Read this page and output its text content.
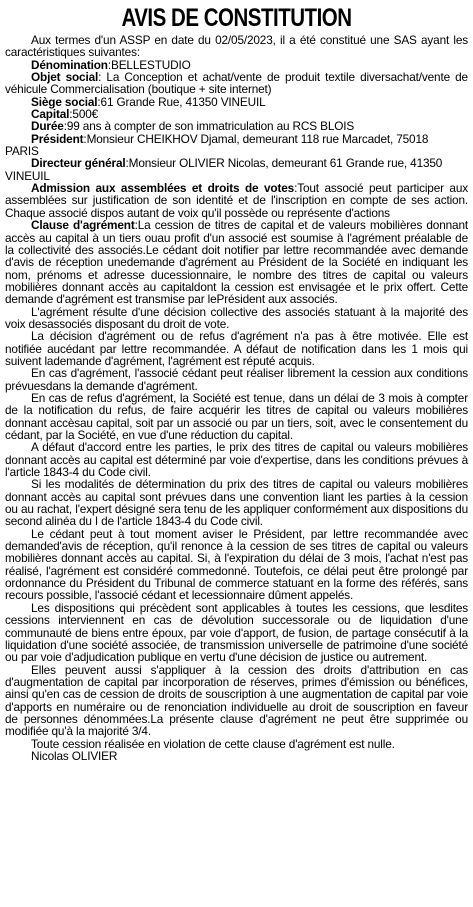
AVIS DE CONSTITUTION

Aux termes d'un ASSP en date du 02/05/2023, il a été constitué une SAS ayant les caractéristiques suivantes:

Dénomination:BELLESTUDIO

Objet social: La Conception et achat/vente de produit textile diversachat/vente de véhicule Commercialisation (boutique + site internet)

Siège social:61 Grande Rue, 41350 VINEUIL

Capital:500€

Durée:99 ans à compter de son immatriculation au RCS BLOIS

Président:Monsieur CHEIKHOV Djamal, demeurant 118 rue Marcadet, 75018

PARIS

Directeur général:Monsieur OLIVIER Nicolas, demeurant 61 Grande rue, 41350

VINEUIL

Admission aux assemblées et droits de votes:Tout associé peut participer aux assemblées sur justification de son identité et de l'inscription en compte de ses action. Chaque associé dispos autant de voix qu'il possède ou représente d'actions

Clause d'agrément:La cession de titres de capital et de valeurs mobilières donnant accès au capital à un tiers ouau profit d'un associé est soumise à l'agrément préalable de la collectivité des associés.Le cédant doit notifier par lettre recommandée avec demande d'avis de réception unedemande d'agrément au Président de la Société en indiquant les nom, prénoms et adresse ducessionnaire, le nombre des titres de capital ou valeurs mobilières donnant accès au capitaldont la cession est envisagée et le prix offert. Cette demande d'agrément est transmise par lePrésident aux associés.

L'agrément résulte d'une décision collective des associés statuant à la majorité des voix desassociés disposant du droit de vote.

La décision d'agrément ou de refus d'agrément n'a pas à être motivée. Elle est notifiée aucédant par lettre recommandée. A défaut de notification dans les 1 mois qui suivent lademande d'agrément, l'agrément est réputé acquis.

En cas d'agrément, l'associé cédant peut réaliser librement la cession aux conditions prévuesdans la demande d'agrément.

En cas de refus d'agrément, la Société est tenue, dans un délai de 3 mois à compter de la notification du refus, de faire acquérir les titres de capital ou valeurs mobilières donnant accèsau capital, soit par un associé ou par un tiers, soit, avec le consentement du cédant, par la Société, en vue d'une réduction du capital.

A défaut d'accord entre les parties, le prix des titres de capital ou valeurs mobilières donnant accès au capital est déterminé par voie d'expertise, dans les conditions prévues à l'article 1843-4 du Code civil.

Si les modalités de détermination du prix des titres de capital ou valeurs mobilières donnant accès au capital sont prévues dans une convention liant les parties à la cession ou au rachat, l'expert désigné sera tenu de les appliquer conformément aux dispositions du second alinéa du I de l'article 1843-4 du Code civil.

Le cédant peut à tout moment aviser le Président, par lettre recommandée avec demanded'avis de réception, qu'il renonce à la cession de ses titres de capital ou valeurs mobilières donnant accès au capital. Si, à l'expiration du délai de 3 mois, l'achat n'est pas réalisé, l'agrément est considéré commedonné. Toutefois, ce délai peut être prolongé par ordonnance du Président du Tribunal de commerce statuant en la forme des référés, sans recours possible, l'associé cédant et lecessionnaire dûment appelés.

Les dispositions qui précèdent sont applicables à toutes les cessions, que lesdites cessions interviennent en cas de dévolution successorale ou de liquidation d'une communauté de biens entre époux, par voie d'apport, de fusion, de partage consécutif à la liquidation d'une société associée, de transmission universelle de patrimoine d'une société ou par voie d'adjudication publique en vertu d'une décision de justice ou autrement.

Elles peuvent aussi s'appliquer à la cession des droits d'attribution en cas d'augmentation de capital par incorporation de réserves, primes d'émission ou bénéfices, ainsi qu'en cas de cession de droits de souscription à une augmentation de capital par voie d'apports en numéraire ou de renonciation individuelle au droit de souscription en faveur de personnes dénommées.La présente clause d'agrément ne peut être supprimée ou modifiée qu'à la majorité 3/4.

Toute cession réalisée en violation de cette clause d'agrément est nulle.

Nicolas OLIVIER
